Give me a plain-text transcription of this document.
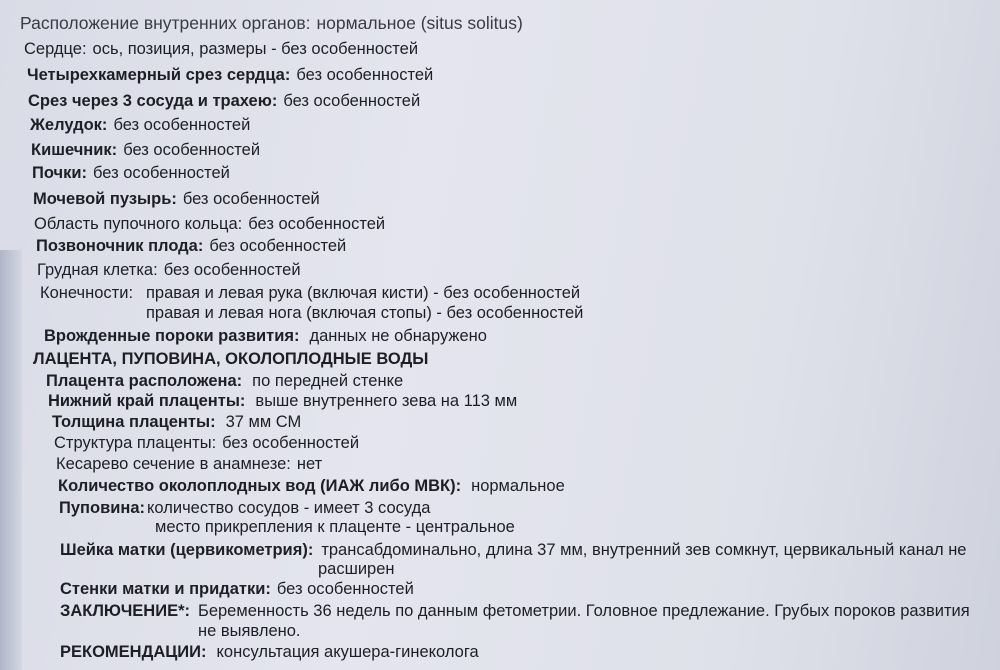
Расположение внутренних органов: нормальное (situs solitus)
Сердце: ось, позиция, размеры - без особенностей
Четырехкамерный срез сердца: без особенностей
Срез через 3 сосуда и трахею: без особенностей
Желудок: без особенностей
Кишечник: без особенностей
Почки: без особенностей
Мочевой пузырь: без особенностей
Область пупочного кольца: без особенностей
Позвоночник плода: без особенностей
Грудная клетка: без особенностей
Конечности: правая и левая рука (включая кисти) - без особенностей
правая и левая нога (включая стопы) - без особенностей
Врожденные пороки развития: данных не обнаружено
ЛАЦЕНТА, ПУПОВИНА, ОКОЛОПЛОДНЫЕ ВОДЫ
Плацента расположена: по передней стенке
Нижний край плаценты: выше внутреннего зева на 113 мм
Толщина плаценты: 37 мм СМ
Структура плаценты: без особенностей
Кесарево сечение в анамнезе: нет
Количество околоплодных вод (ИАЖ либо МВК): нормальное
Пуповина: количество сосудов - имеет 3 сосуда
место прикрепления к плаценте - центральное
Шейка матки (цервикометрия): трансабдоминально, длина 37 мм, внутренний зев сомкнут, цервикальный канал не
расширен
Стенки матки и придатки: без особенностей
ЗАКЛЮЧЕНИЕ*: Беременность 36 недель по данным фетометрии. Головное предлежание. Грубых пороков развития
не выявлено.
РЕКОМЕНДАЦИИ: консультация акушера-гинеколога
